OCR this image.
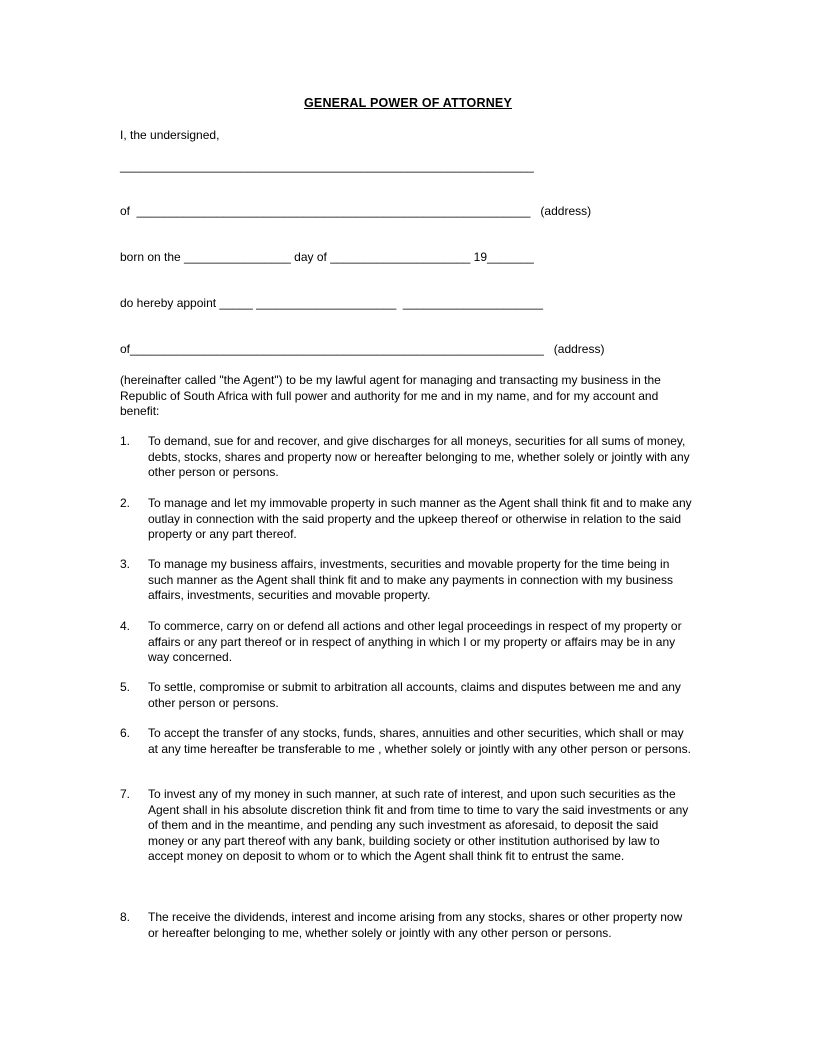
GENERAL POWER OF ATTORNEY
I, the undersigned,
______________________________________________________________
of  ___________________________________________________________   (address)
born on the ________________ day of _____________________ 19_______
do hereby appoint _____ _____________________  _____________________
of______________________________________________________________   (address)
(hereinafter called "the Agent") to be my lawful agent for managing and transacting my business in the Republic of South Africa with full power and authority for me and in my name, and for my account and benefit:
1.	To demand, sue for and recover, and give discharges for all moneys, securities for all sums of money, debts, stocks, shares and property now or hereafter belonging to me, whether solely or jointly with any other person or persons.
2.	To manage and let my immovable property in such manner as the Agent shall think fit and to make any outlay in connection with the said property and the upkeep thereof or otherwise in relation to the said property or any part thereof.
3.	To manage my business affairs, investments, securities and movable property for the time being in such manner as the Agent shall think fit and to make any payments in connection with my business affairs, investments, securities and movable property.
4.	To commerce, carry on or defend all actions and other legal proceedings in respect of my property or affairs or any part thereof or in respect of anything in which I or my property or affairs may be in any way concerned.
5.	To settle, compromise or submit to arbitration all accounts, claims and disputes between me and any other person or persons.
6.	To accept the transfer of any stocks, funds, shares, annuities and other securities, which shall or may at any time hereafter be transferable to me , whether solely or jointly with any other person or persons.
7.	To invest any of my money in such manner, at such rate of interest, and upon such securities as the Agent shall in his absolute discretion think fit and from time to time to vary the said investments or any of them and in the meantime, and pending any such investment as aforesaid, to deposit the said money or any part thereof with any bank, building society or other institution authorised by law to accept money on deposit to whom or to which the Agent shall think fit to entrust the same.
8.	The receive the dividends, interest and income arising from any stocks, shares or other property now or hereafter belonging to me, whether solely or jointly with any other person or persons.
